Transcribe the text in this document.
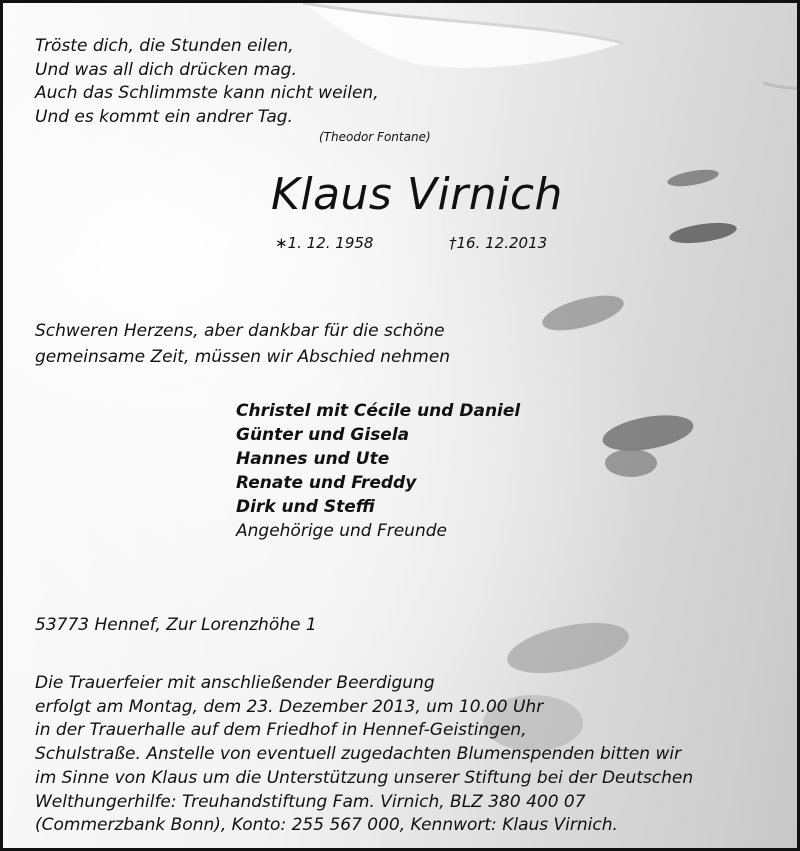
Tröste dich, die Stunden eilen,
Und was all dich drücken mag.
Auch das Schlimmste kann nicht weilen,
Und es kommt ein andrer Tag.
(Theodor Fontane)
Klaus Virnich
∗1. 12. 1958	†16. 12.2013
Schweren Herzens, aber dankbar für die schöne
gemeinsame Zeit, müssen wir Abschied nehmen
Christel mit Cécile und Daniel
Günter und Gisela
Hannes und Ute
Renate und Freddy
Dirk und Steffi
Angehörige und Freunde
53773 Hennef, Zur Lorenzhöhe 1
Die Trauerfeier mit anschließender Beerdigung
erfolgt am Montag, dem 23. Dezember 2013, um 10.00 Uhr
in der Trauerhalle auf dem Friedhof in Hennef-Geistingen,
Schulstraße. Anstelle von eventuell zugedachten Blumenspenden bitten wir
im Sinne von Klaus um die Unterstützung unserer Stiftung bei der Deutschen
Welthungerhilfe: Treuhandstiftung Fam. Virnich, BLZ 380 400 07
(Commerzbank Bonn), Konto: 255 567 000, Kennwort: Klaus Virnich.
